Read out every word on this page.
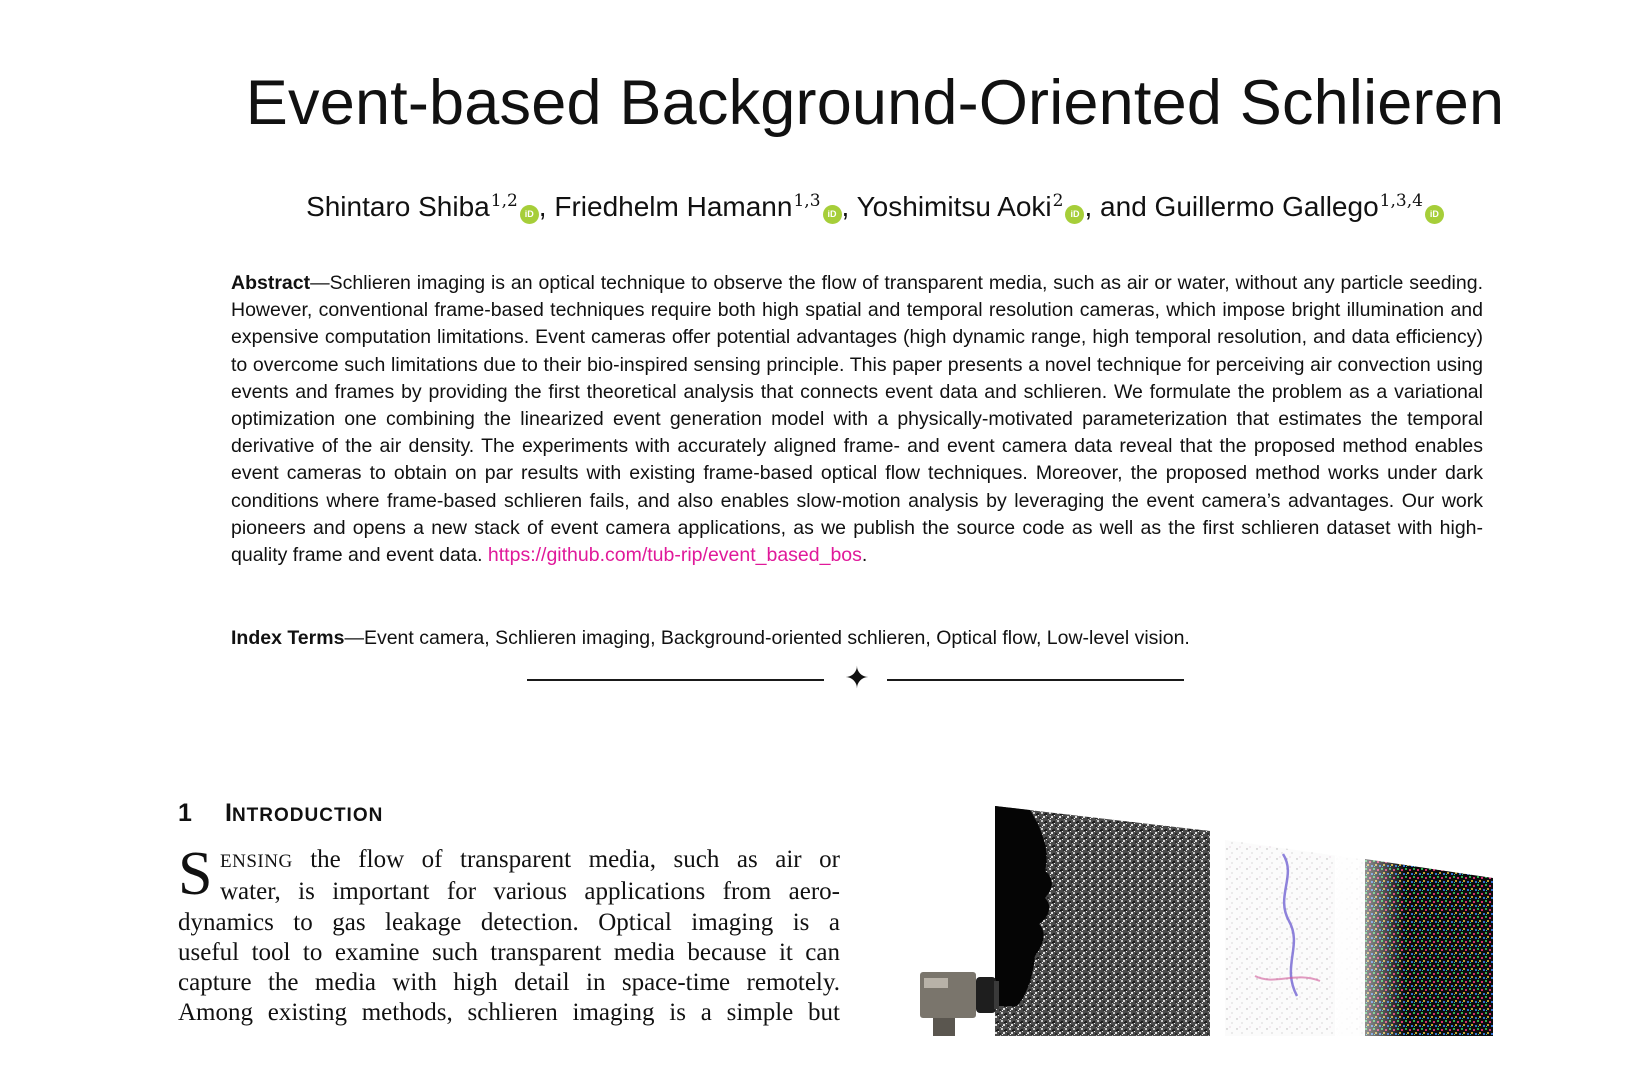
Event-based Background-Oriented Schlieren
Shintaro Shiba$^{1,2}$iD , Friedhelm Hamann$^{1,3}$iD , Yoshimitsu Aoki$^2$iD , and Guillermo Gallego$^{1,3,4}$iD

Abstract—Schlieren imaging is an optical technique to observe the flow of transparent media, such as air or water, without any particle seeding. However, conventional frame-based techniques require both high spatial and temporal resolution cameras, which impose bright illumination and expensive computation limitations. Event cameras offer potential advantages (high dynamic range, high temporal resolution, and data efficiency) to overcome such limitations due to their bio-inspired sensing principle. This paper presents a novel technique for perceiving air convection using events and frames by providing the first theoretical analysis that connects event data and schlieren. We formulate the problem as a variational optimization one combining the linearized event generation model with a physically-motivated parameterization that estimates the temporal derivative of the air density. The experiments with accurately aligned frame- and event camera data reveal that the proposed method enables event cameras to obtain on par results with existing frame-based optical flow techniques. Moreover, the proposed method works under dark conditions where frame-based schlieren fails, and also enables slow-motion analysis by leveraging the event camera’s advantages. Our work pioneers and opens a new stack of event camera applications, as we publish the source code as well as the first schlieren dataset with high-quality frame and event data. https://github.com/tub-rip/event_based_bos.

Index Terms—Event camera, Schlieren imaging, Background-oriented schlieren, Optical flow, Low-level vision.

✦
1 INTRODUCTION
S ENSING the flow of transparent media, such as air or
water, is important for various applications from aero-
dynamics to gas leakage detection. Optical imaging is a
useful tool to examine such transparent media because it can
capture the media with high detail in space-time remotely.
Among existing methods, schlieren imaging is a simple but
